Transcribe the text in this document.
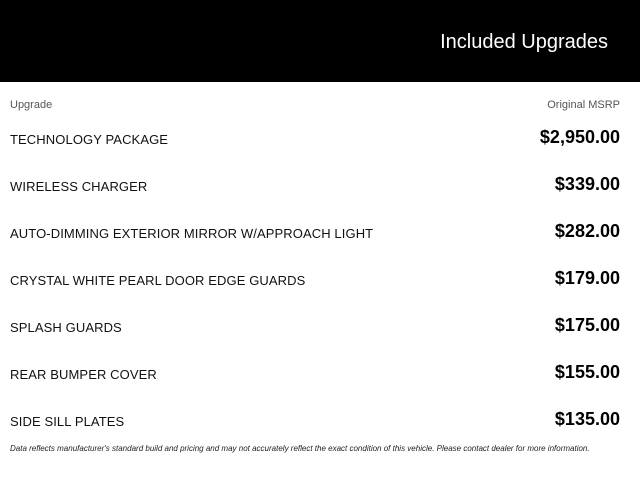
Included Upgrades
Upgrade	Original MSRP
TECHNOLOGY PACKAGE	$2,950.00
WIRELESS CHARGER	$339.00
AUTO-DIMMING EXTERIOR MIRROR W/APPROACH LIGHT	$282.00
CRYSTAL WHITE PEARL DOOR EDGE GUARDS	$179.00
SPLASH GUARDS	$175.00
REAR BUMPER COVER	$155.00
SIDE SILL PLATES	$135.00
Data reflects manufacturer's standard build and pricing and may not accurately reflect the exact condition of this vehicle. Please contact dealer for more information.
